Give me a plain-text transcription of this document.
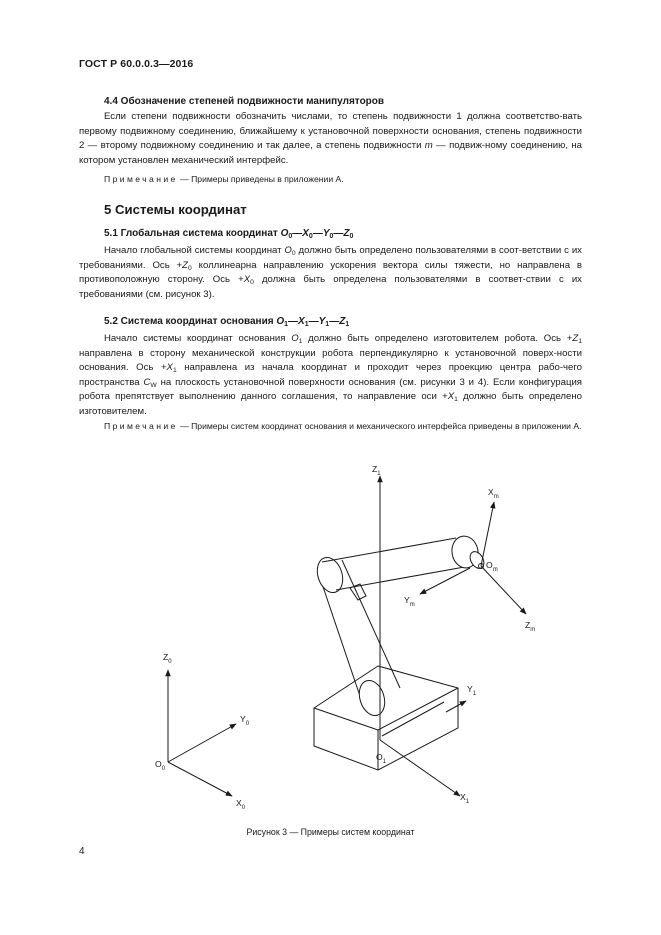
ГОСТ Р 60.0.0.3—2016
4.4 Обозначение степеней подвижности манипуляторов
Если степени подвижности обозначить числами, то степень подвижности 1 должна соответство-вать первому подвижному соединению, ближайшему к установочной поверхности основания, степень подвижности 2 — второму подвижному соединению и так далее, а степень подвижности m — подвиж-ному соединению, на котором установлен механический интерфейс.
Примечание — Примеры приведены в приложении А.
5 Системы координат
5.1 Глобальная система координат $O_0—X_0—Y_0—Z_0$
Начало глобальной системы координат $O_0$ должно быть определено пользователями в соот-ветствии с их требованиями. Ось $+Z_0$ коллинеарна направлению ускорения вектора силы тяжести, но направлена в противоположную сторону. Ось $+X_0$ должна быть определена пользователями в соответ-ствии с их требованиями (см. рисунок 3).
5.2 Система координат основания $O_1—X_1—Y_1—Z_1$
Начало системы координат основания $O_1$ должно быть определено изготовителем робота. Ось $+Z_1$ направлена в сторону механической конструкции робота перпендикулярно к установочной поверх-ности основания. Ось $+X_1$ направлена из начала координат и проходит через проекцию центра рабо-чего пространства $C_W$ на плоскость установочной поверхности основания (см. рисунки 3 и 4). Если конфигурация робота препятствует выполнению данного соглашения, то направление оси $+X_1$ должно быть определено изготовителем.
Примечание — Примеры систем координат основания и механического интерфейса приведены в приложении А.
$Z_1$
$Y_1$
$O_1$
$X_1$
$X_m$
$O_m$
$Y_m$
$Z_m$
$Z_0$
$Y_0$
$O_0$
$X_0$
Рисунок 3 — Примеры систем координат
4
